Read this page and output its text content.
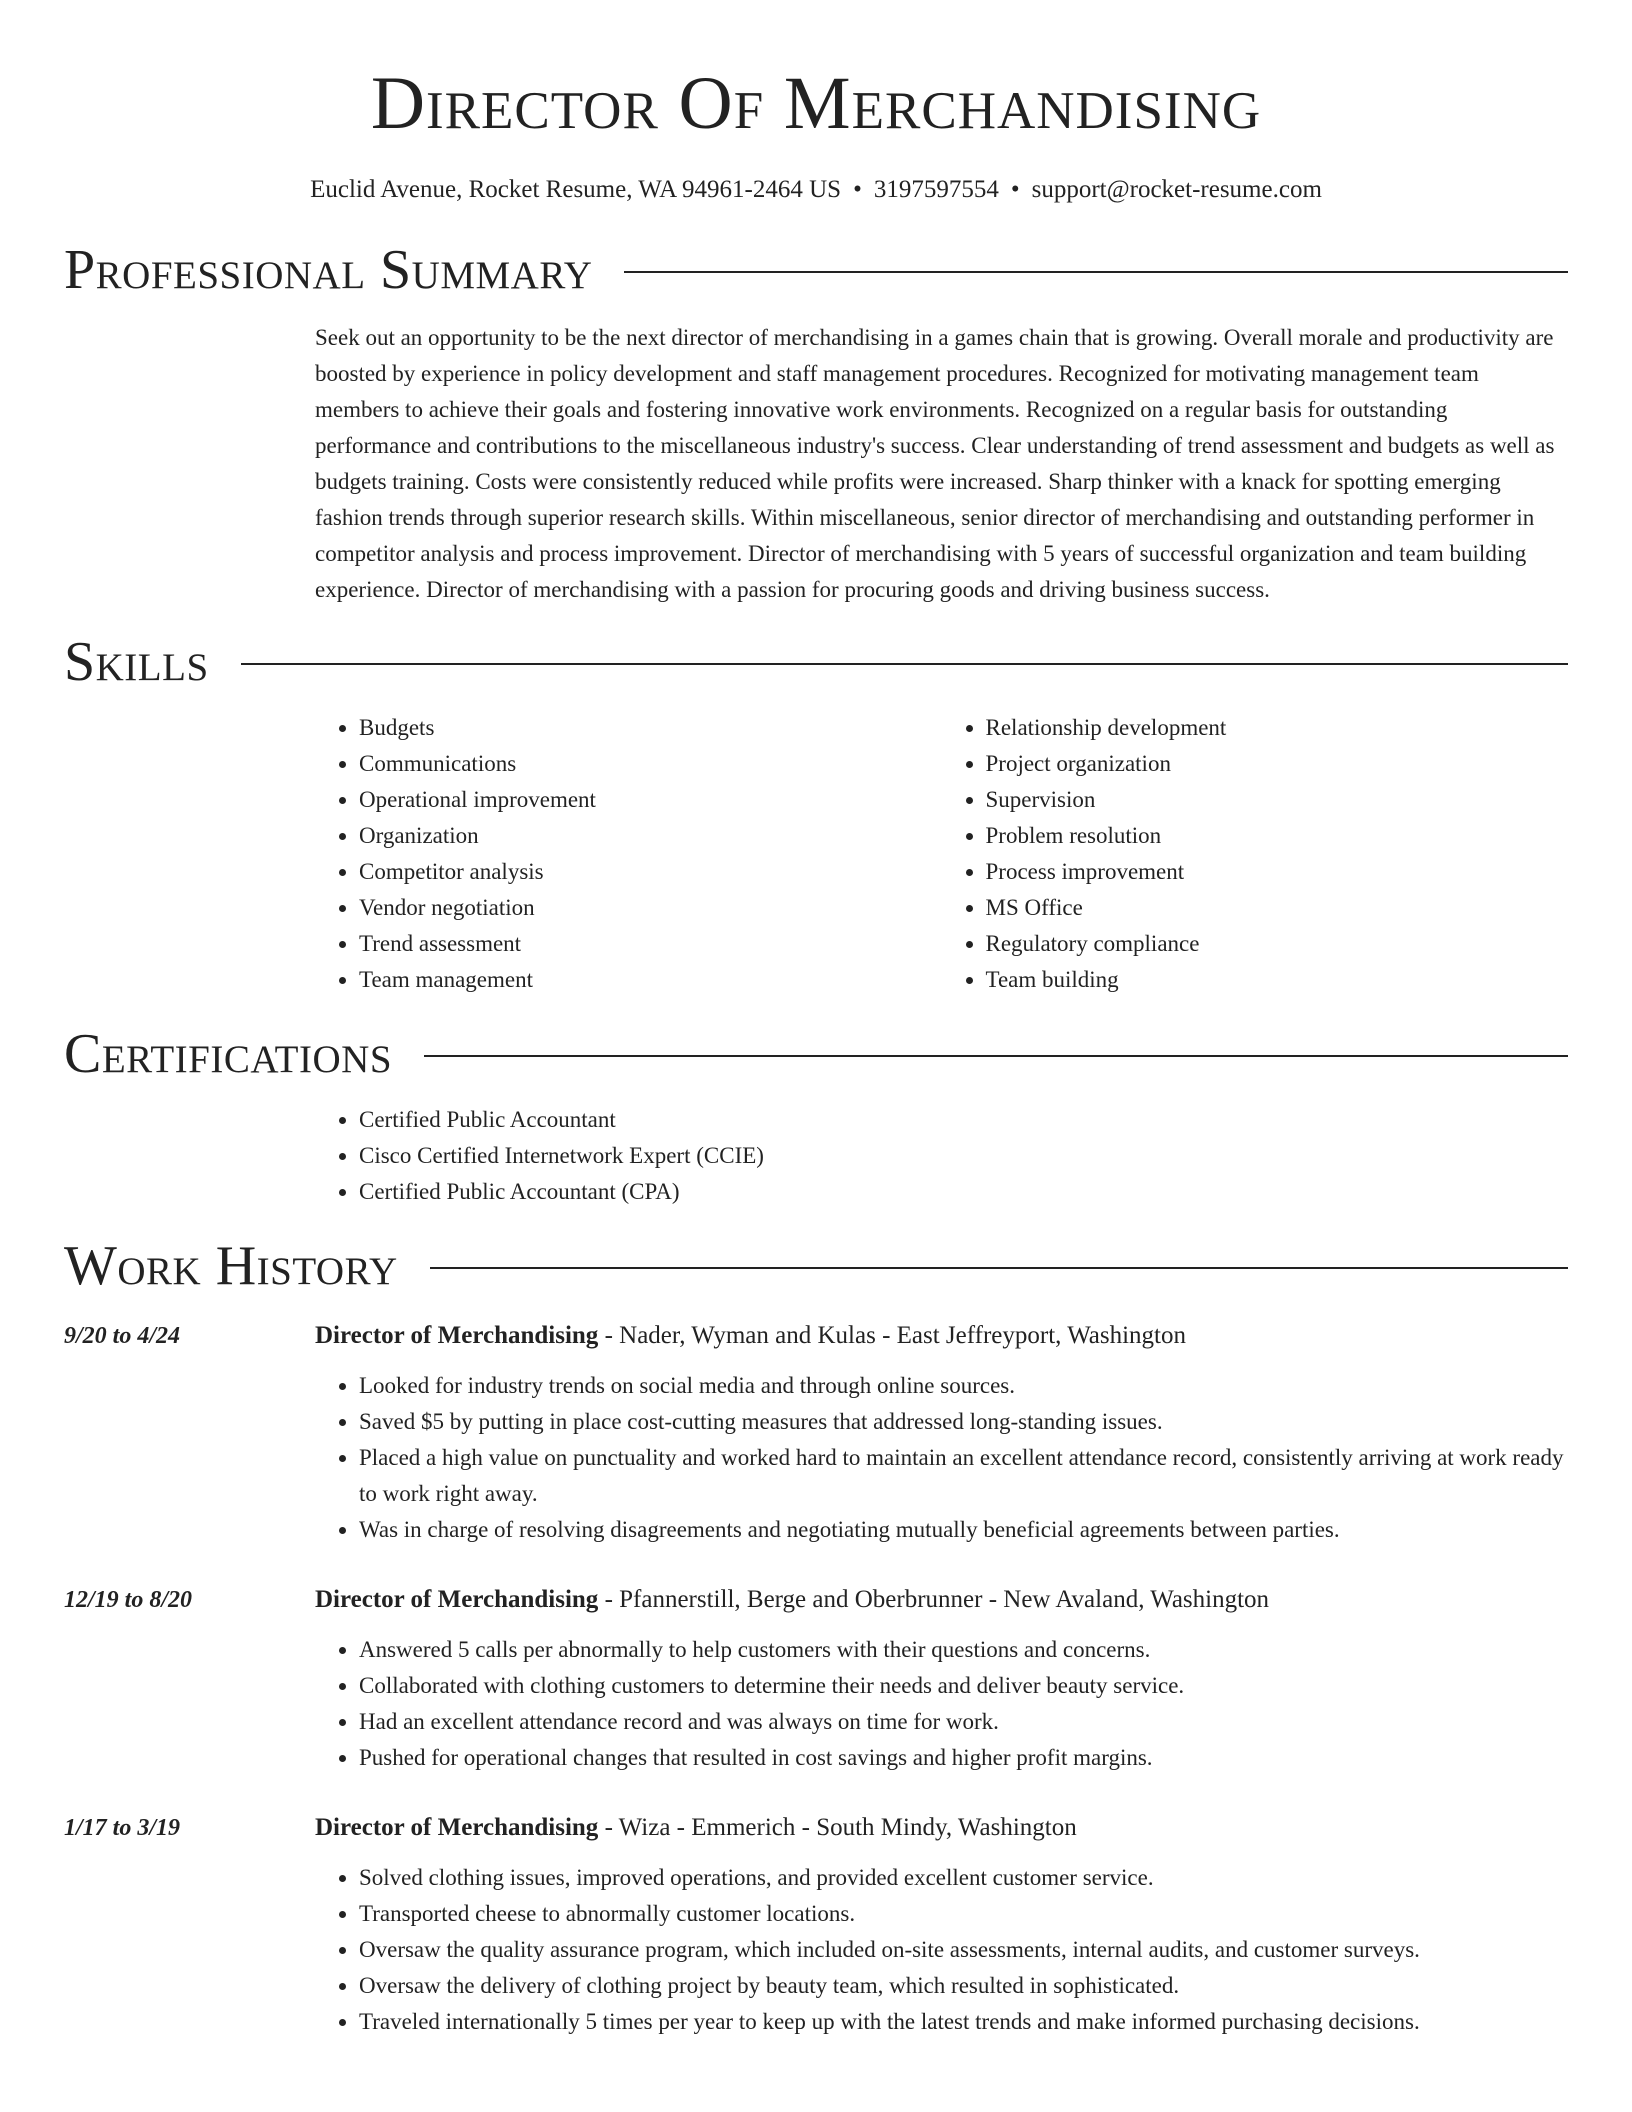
Director Of Merchandising
Euclid Avenue, Rocket Resume, WA 94961-2464 US • 3197597554 • support@rocket-resume.com
Professional Summary
Seek out an opportunity to be the next director of merchandising in a games chain that is growing. Overall morale and productivity are boosted by experience in policy development and staff management procedures. Recognized for motivating management team members to achieve their goals and fostering innovative work environments. Recognized on a regular basis for outstanding performance and contributions to the miscellaneous industry's success. Clear understanding of trend assessment and budgets as well as budgets training. Costs were consistently reduced while profits were increased. Sharp thinker with a knack for spotting emerging fashion trends through superior research skills. Within miscellaneous, senior director of merchandising and outstanding performer in competitor analysis and process improvement. Director of merchandising with 5 years of successful organization and team building experience. Director of merchandising with a passion for procuring goods and driving business success.
Skills
• Budgets
• Communications
• Operational improvement
• Organization
• Competitor analysis
• Vendor negotiation
• Trend assessment
• Team management
• Relationship development
• Project organization
• Supervision
• Problem resolution
• Process improvement
• MS Office
• Regulatory compliance
• Team building
Certifications
• Certified Public Accountant
• Cisco Certified Internetwork Expert (CCIE)
• Certified Public Accountant (CPA)
Work History
9/20 to 4/24	Director of Merchandising - Nader, Wyman and Kulas - East Jeffreyport, Washington
• Looked for industry trends on social media and through online sources.
• Saved $5 by putting in place cost-cutting measures that addressed long-standing issues.
• Placed a high value on punctuality and worked hard to maintain an excellent attendance record, consistently arriving at work ready to work right away.
• Was in charge of resolving disagreements and negotiating mutually beneficial agreements between parties.
12/19 to 8/20	Director of Merchandising - Pfannerstill, Berge and Oberbrunner - New Avaland, Washington
• Answered 5 calls per abnormally to help customers with their questions and concerns.
• Collaborated with clothing customers to determine their needs and deliver beauty service.
• Had an excellent attendance record and was always on time for work.
• Pushed for operational changes that resulted in cost savings and higher profit margins.
1/17 to 3/19	Director of Merchandising - Wiza - Emmerich - South Mindy, Washington
• Solved clothing issues, improved operations, and provided excellent customer service.
• Transported cheese to abnormally customer locations.
• Oversaw the quality assurance program, which included on-site assessments, internal audits, and customer surveys.
• Oversaw the delivery of clothing project by beauty team, which resulted in sophisticated.
• Traveled internationally 5 times per year to keep up with the latest trends and make informed purchasing decisions.
